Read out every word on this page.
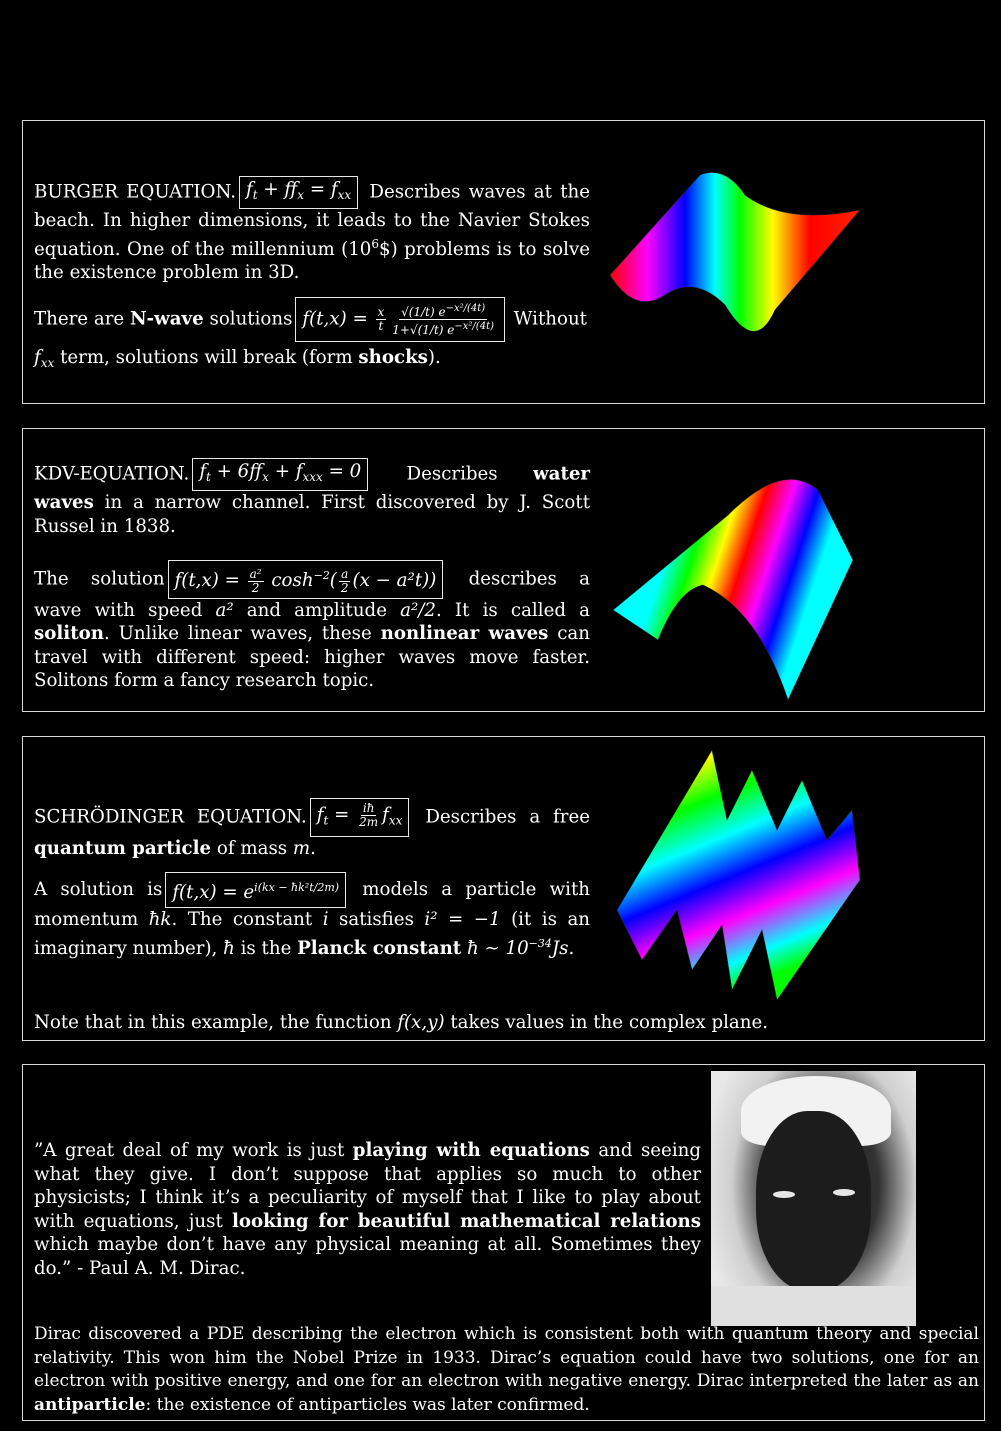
BURGER EQUATION. $f_t + ff_x = f_{xx}$ Describes waves at the beach. In higher dimensions, it leads to the Navier Stokes equation. One of the millennium $(10^6\$)$ problems is to solve the existence problem in 3D.

There are N-wave solutions $f(t,x) = \frac{x}{t} \frac{√(1/t) e^{-x^2/(4t)}}{1+√(1/t) e^{-x^2/(4t)}}$ Without

$f_{xx}$ term, solutions will break (form shocks).

KDV-EQUATION. $f_t + 6ff_x + f_{xxx} = 0$ Describes water waves in a narrow channel. First discovered by J. Scott Russel in 1838.

The solution $f(t,x) = \frac{\text{a²}}{2} \cosh^{-2}( \frac{a}{2} (x - a^2t))$ describes a wave with speed a² and amplitude a²/2. It is called a soliton. Unlike linear waves, these nonlinear waves can travel with different speed: higher waves move faster. Solitons form a fancy research topic.

SCHRÖDINGER EQUATION. $f_t = \frac{iħ}{2m} f_{xx}$ Describes a free quantum particle of mass m.

A solution is $f(t,x) = e^{i(kx - ħk^2t/2m)}$ models a particle with momentum ħk. The constant i satisfies i² = −1 (it is an imaginary number), ħ is the Planck constant ħ ∼ $10^{-34}Js$.

Note that in this example, the function f(x,y) takes values in the complex plane.
”A great deal of my work is just playing with equations and seeing what they give. I don’t suppose that applies so much to other physicists; I think it’s a peculiarity of myself that I like to play about with equations, just looking for beautiful mathematical relations which maybe don’t have any physical meaning at all. Sometimes they do.” - Paul A. M. Dirac.
Dirac discovered a PDE describing the electron which is consistent both with quantum theory and special relativity. This won him the Nobel Prize in 1933. Dirac’s equation could have two solutions, one for an electron with positive energy, and one for an electron with negative energy. Dirac interpreted the later as an antiparticle: the existence of antiparticles was later confirmed.
